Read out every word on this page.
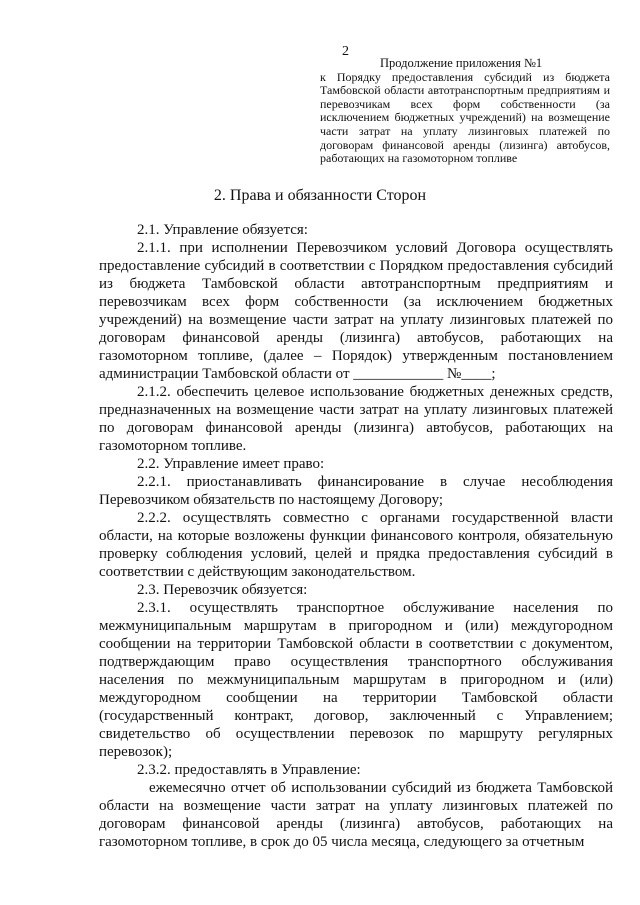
2
Продолжение приложения №1
к Порядку предоставления субсидий из бюджета Тамбовской области автотранспортным предприятиям и перевозчикам всех форм собственности (за исключением бюджетных учреждений) на возмещение части затрат на уплату лизинговых платежей по договорам финансовой аренды (лизинга) автобусов, работающих на газомоторном топливе
2. Права и обязанности Сторон

2.1. Управление обязуется:

2.1.1. при исполнении Перевозчиком условий Договора осуществлять предоставление субсидий в соответствии с Порядком предоставления субсидий из бюджета Тамбовской области автотранспортным предприятиям и перевозчикам всех форм собственности (за исключением бюджетных учреждений) на возмещение части затрат на уплату лизинговых платежей по договорам финансовой аренды (лизинга) автобусов, работающих на газомоторном топливе, (далее – Порядок) утвержденным постановлением администрации Тамбовской области от ____________ №____;

2.1.2. обеспечить целевое использование бюджетных денежных средств, предназначенных на возмещение части затрат на уплату лизинговых платежей по договорам финансовой аренды (лизинга) автобусов, работающих на газомоторном топливе.

2.2. Управление имеет право:

2.2.1. приостанавливать финансирование в случае несоблюдения Перевозчиком обязательств по настоящему Договору;

2.2.2. осуществлять совместно с органами государственной власти области, на которые возложены функции финансового контроля, обязательную проверку соблюдения условий, целей и прядка предоставления субсидий в соответствии с действующим законодательством.

2.3. Перевозчик обязуется:

2.3.1. осуществлять транспортное обслуживание населения по межмуниципальным маршрутам в пригородном и (или) междугородном сообщении на территории Тамбовской области в соответствии с документом, подтверждающим право осуществления транспортного обслуживания населения по межмуниципальным маршрутам в пригородном и (или) междугородном сообщении на территории Тамбовской области (государственный контракт, договор, заключенный с Управлением; свидетельство об осуществлении перевозок по маршруту регулярных перевозок);

2.3.2. предоставлять в Управление:

ежемесячно отчет об использовании субсидий из бюджета Тамбовской области на возмещение части затрат на уплату лизинговых платежей по договорам финансовой аренды (лизинга) автобусов, работающих на газомоторном топливе, в срок до 05 числа месяца, следующего за отчетным
